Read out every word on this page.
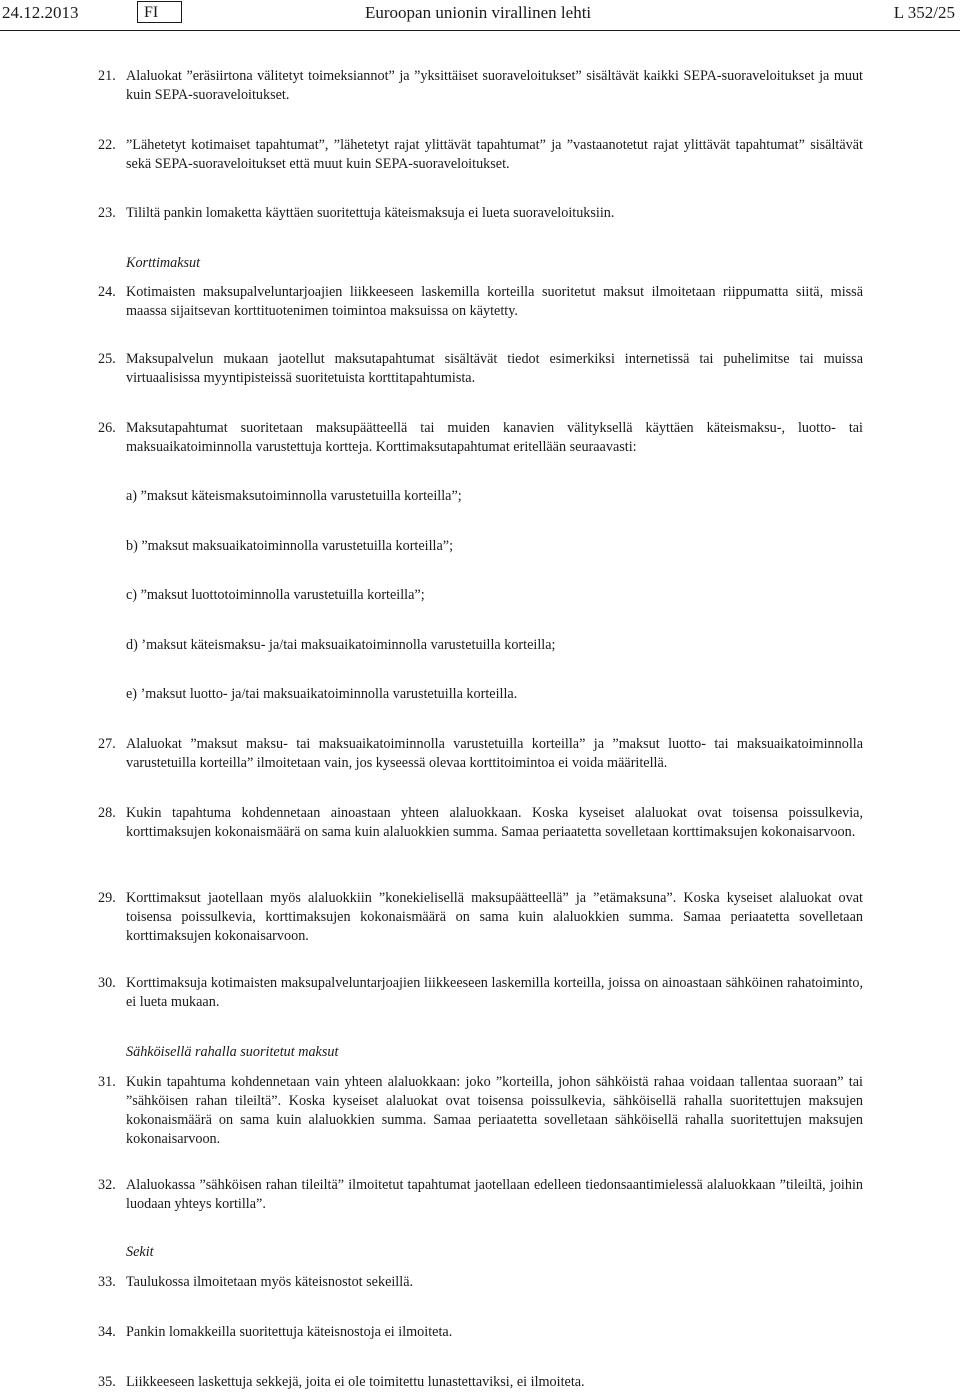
24.12.2013	FI	Euroopan unionin virallinen lehti	L 352/25
21. Alaluokat ”eräsiirtona välitetyt toimeksiannot” ja ”yksittäiset suoraveloitukset” sisältävät kaikki SEPA-suoraveloitukset ja muut kuin SEPA-suoraveloitukset.
22. ”Lähetetyt kotimaiset tapahtumat”, ”lähetetyt rajat ylittävät tapahtumat” ja ”vastaanotetut rajat ylittävät tapahtumat” sisältävät sekä SEPA-suoraveloitukset että muut kuin SEPA-suoraveloitukset.
23. Tililtä pankin lomaketta käyttäen suoritettuja käteismaksuja ei lueta suoraveloituksiin.
Korttimaksut
24. Kotimaisten maksupalveluntarjoajien liikkeeseen laskemilla korteilla suoritetut maksut ilmoitetaan riippumatta siitä, missä maassa sijaitsevan korttituotenimen toimintoa maksuissa on käytetty.
25. Maksupalvelun mukaan jaotellut maksutapahtumat sisältävät tiedot esimerkiksi internetissä tai puhelimitse tai muissa virtuaalisissa myyntipisteissä suoritetuista korttitapahtumista.
26. Maksutapahtumat suoritetaan maksupäätteellä tai muiden kanavien välityksellä käyttäen käteismaksu-, luotto- tai maksuaikatoiminnolla varustettuja kortteja. Korttimaksutapahtumat eritellään seuraavasti:
a) ”maksut käteismaksutoiminnolla varustetuilla korteilla”;
b) ”maksut maksuaikatoiminnolla varustetuilla korteilla”;
c) ”maksut luottotoiminnolla varustetuilla korteilla”;
d) ’maksut käteismaksu- ja/tai maksuaikatoiminnolla varustetuilla korteilla;
e) ’maksut luotto- ja/tai maksuaikatoiminnolla varustetuilla korteilla.
27. Alaluokat ”maksut maksu- tai maksuaikatoiminnolla varustetuilla korteilla” ja ”maksut luotto- tai maksuaikatoiminnolla varustetuilla korteilla” ilmoitetaan vain, jos kyseessä olevaa korttitoimintoa ei voida määritellä.
28. Kukin tapahtuma kohdennetaan ainoastaan yhteen alaluokkaan. Koska kyseiset alaluokat ovat toisensa poissulkevia, korttimaksujen kokonaismäärä on sama kuin alaluokkien summa. Samaa periaatetta sovelletaan korttimaksujen kokonaisarvoon.
29. Korttimaksut jaotellaan myös alaluokkiin ”konekielisellä maksupäätteellä” ja ”etämaksuna”. Koska kyseiset alaluokat ovat toisensa poissulkevia, korttimaksujen kokonaismäärä on sama kuin alaluokkien summa. Samaa periaatetta sovelletaan korttimaksujen kokonaisarvoon.
30. Korttimaksuja kotimaisten maksupalveluntarjoajien liikkeeseen laskemilla korteilla, joissa on ainoastaan sähköinen rahatoiminto, ei lueta mukaan.
Sähköisellä rahalla suoritetut maksut
31. Kukin tapahtuma kohdennetaan vain yhteen alaluokkaan: joko ”korteilla, johon sähköistä rahaa voidaan tallentaa suoraan” tai ”sähköisen rahan tileiltä”. Koska kyseiset alaluokat ovat toisensa poissulkevia, sähköisellä rahalla suoritettujen maksujen kokonaismäärä on sama kuin alaluokkien summa. Samaa periaatetta sovelletaan sähköisellä rahalla suoritettujen maksujen kokonaisarvoon.
32. Alaluokassa ”sähköisen rahan tileiltä” ilmoitetut tapahtumat jaotellaan edelleen tiedonsaantimielessä alaluokkaan ”tileiltä, joihin luodaan yhteys kortilla”.
Sekit
33. Taulukossa ilmoitetaan myös käteisnostot sekeillä.
34. Pankin lomakkeilla suoritettuja käteisnostoja ei ilmoiteta.
35. Liikkeeseen laskettuja sekkejä, joita ei ole toimitettu lunastettaviksi, ei ilmoiteta.
